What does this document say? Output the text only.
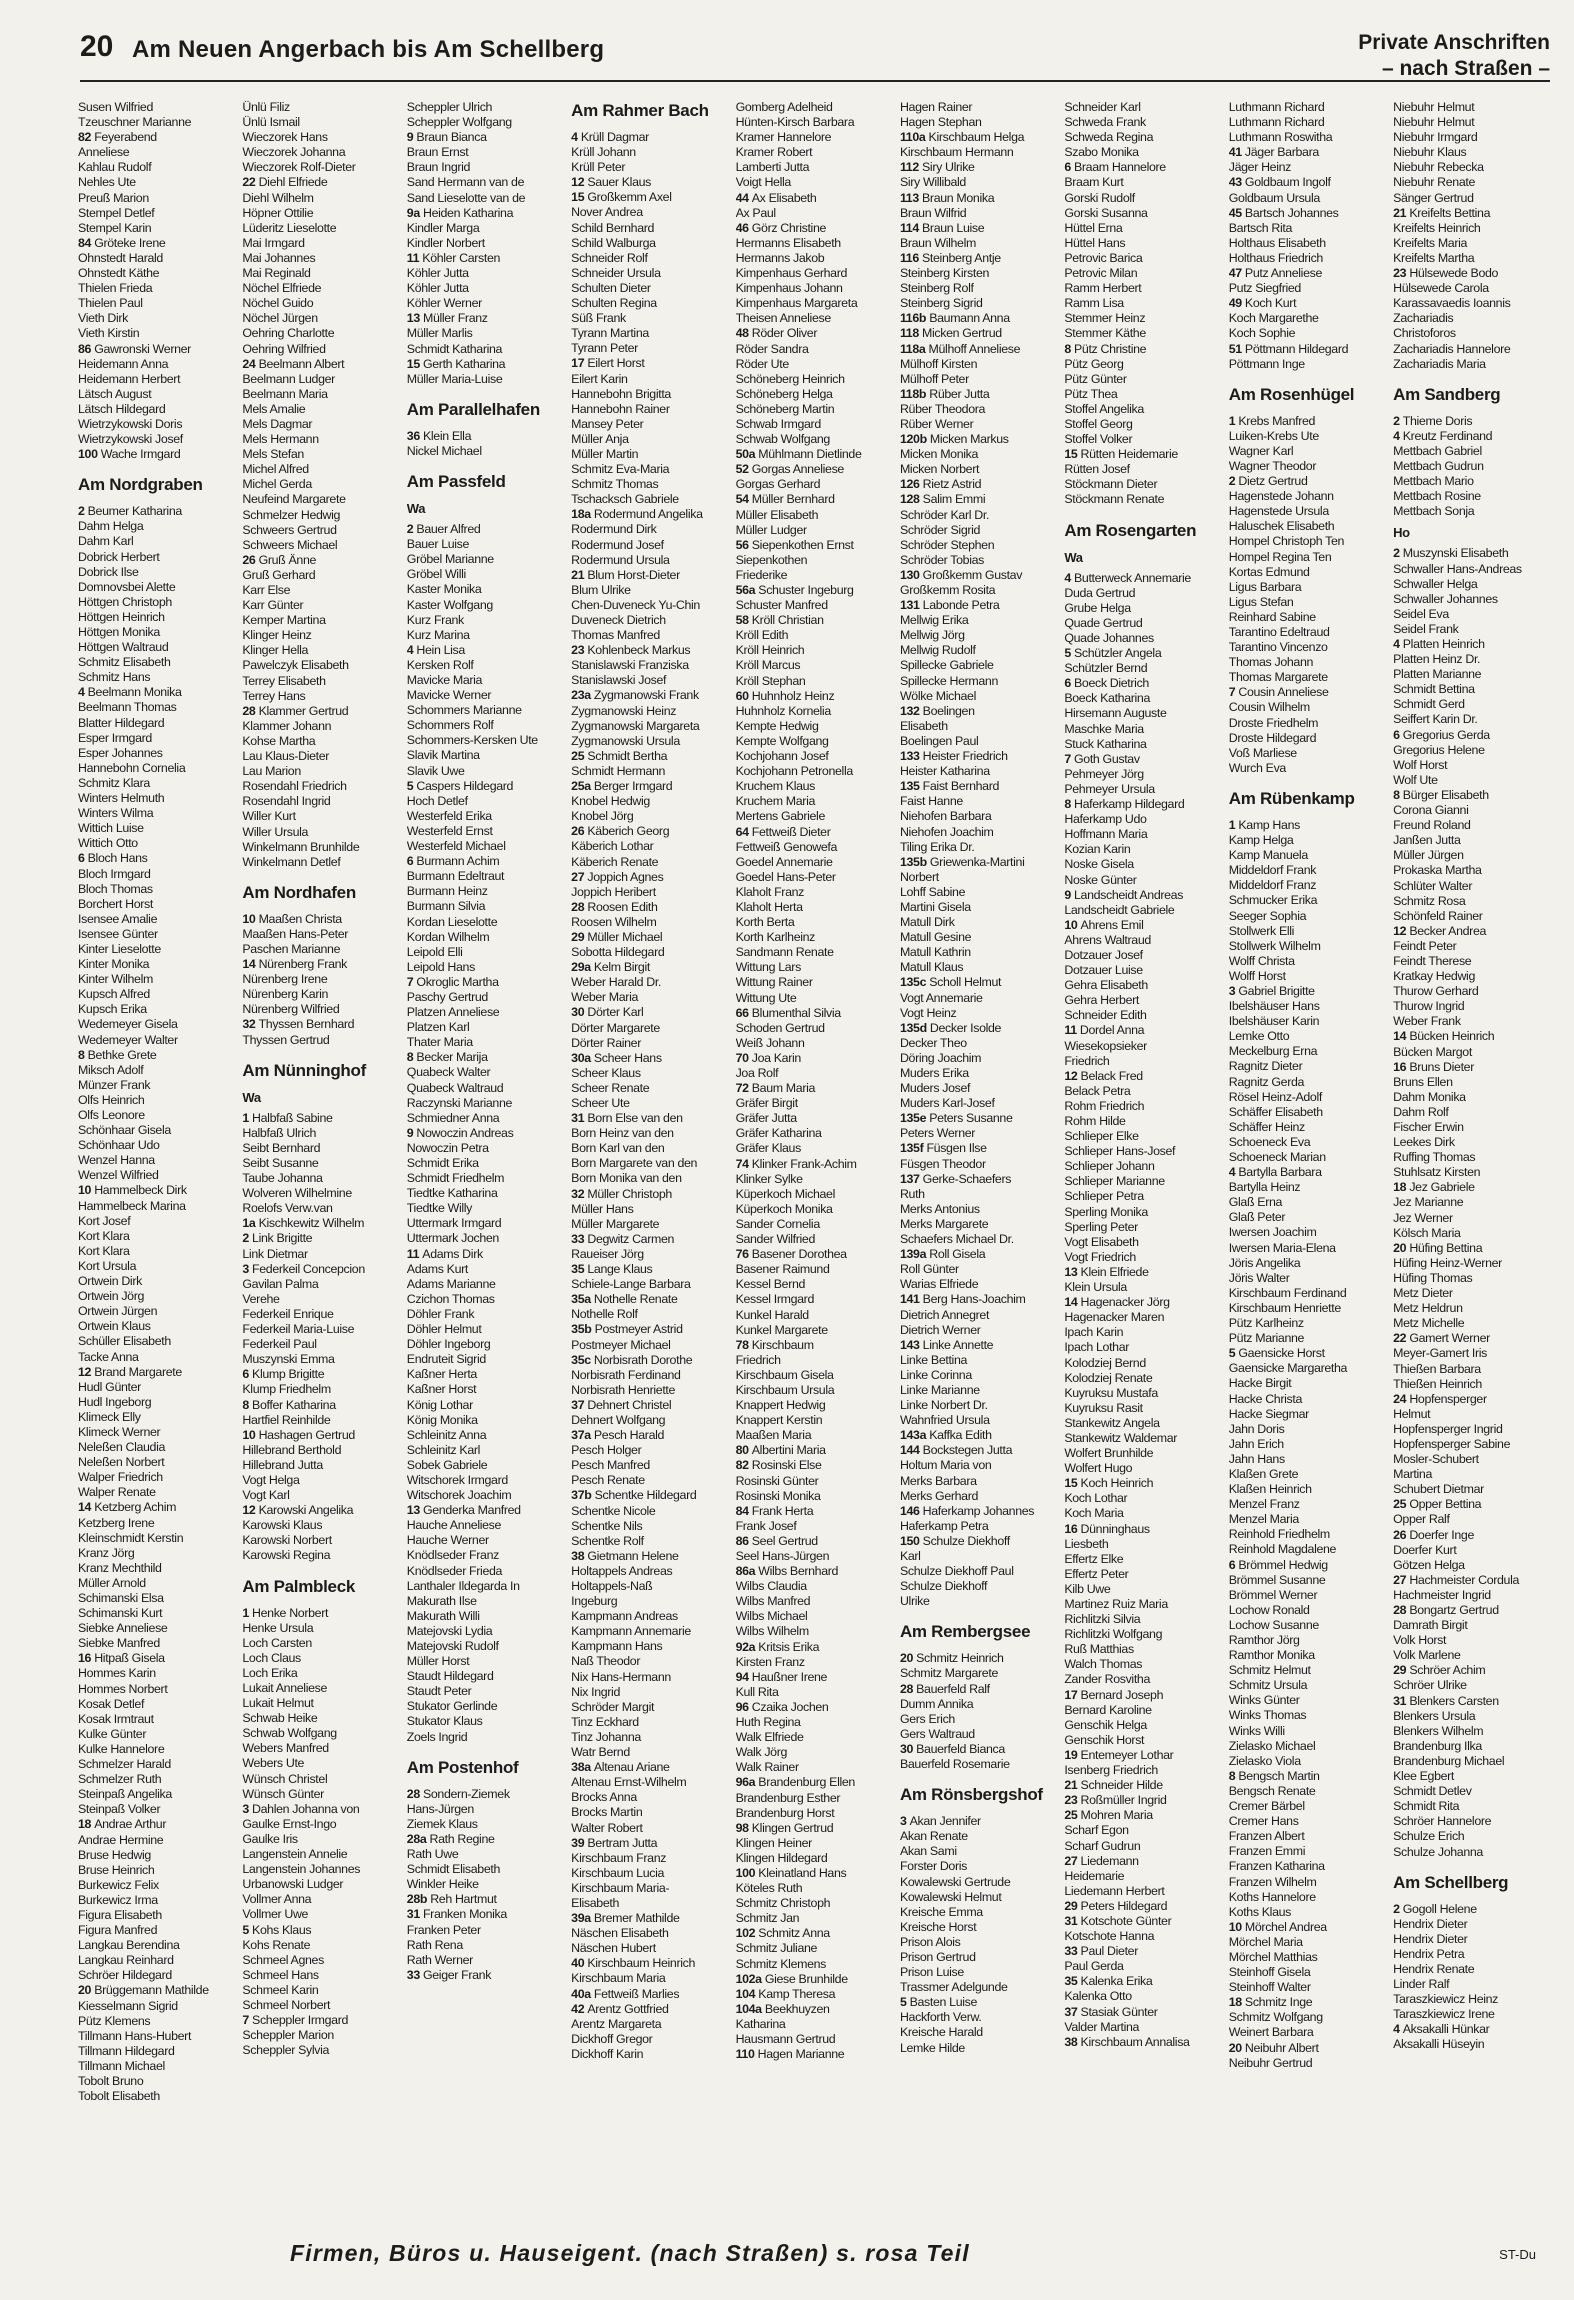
20 Am Neuen Angerbach bis Am Schellberg	Private Anschriften
– nach Straßen –
Susen Wilfried
Tzeuschner Marianne
82 Feyerabend
Anneliese
Kahlau Rudolf
Nehles Ute
Preuß Marion
Stempel Detlef
Stempel Karin
84 Gröteke Irene
Ohnstedt Harald
Ohnstedt Käthe
Thielen Frieda
Thielen Paul
Vieth Dirk
Vieth Kirstin
86 Gawronski Werner
Heidemann Anna
Heidemann Herbert
Lätsch August
Lätsch Hildegard
Wietrzykowski Doris
Wietrzykowski Josef
100 Wache Irmgard
Am Nordgraben
2 Beumer Katharina
Dahm Helga
Dahm Karl
Dobrick Herbert
Dobrick Ilse
Domnovsbei Alette
Höttgen Christoph
Höttgen Heinrich
Höttgen Monika
Höttgen Waltraud
Schmitz Elisabeth
Schmitz Hans
4 Beelmann Monika
Beelmann Thomas
Blatter Hildegard
Esper Irmgard
Esper Johannes
Hannebohn Cornelia
Schmitz Klara
Winters Helmuth
Winters Wilma
Wittich Luise
Wittich Otto
6 Bloch Hans
Bloch Irmgard
Bloch Thomas
Borchert Horst
Isensee Amalie
Isensee Günter
Kinter Lieselotte
Kinter Monika
Kinter Wilhelm
Kupsch Alfred
Kupsch Erika
Wedemeyer Gisela
Wedemeyer Walter
8 Bethke Grete
Miksch Adolf
Münzer Frank
Olfs Heinrich
Olfs Leonore
Schönhaar Gisela
Schönhaar Udo
Wenzel Hanna
Wenzel Wilfried
10 Hammelbeck Dirk
Hammelbeck Marina
Kort Josef
Kort Klara
Kort Klara
Kort Ursula
Ortwein Dirk
Ortwein Jörg
Ortwein Jürgen
Ortwein Klaus
Schüller Elisabeth
Tacke Anna
12 Brand Margarete
Hudl Günter
Hudl Ingeborg
Klimeck Elly
Klimeck Werner
Neleßen Claudia
Neleßen Norbert
Walper Friedrich
Walper Renate
14 Ketzberg Achim
Ketzberg Irene
Kleinschmidt Kerstin
Kranz Jörg
Kranz Mechthild
Müller Arnold
Schimanski Elsa
Schimanski Kurt
Siebke Anneliese
Siebke Manfred
16 Hitpaß Gisela
Hommes Karin
Hommes Norbert
Kosak Detlef
Kosak Irmtraut
Kulke Günter
Kulke Hannelore
Schmelzer Harald
Schmelzer Ruth
Steinpaß Angelika
Steinpaß Volker
18 Andrae Arthur
Andrae Hermine
Bruse Hedwig
Bruse Heinrich
Burkewicz Felix
Burkewicz Irma
Figura Elisabeth
Figura Manfred
Langkau Berendina
Langkau Reinhard
Schröer Hildegard
20 Brüggemann Mathilde
Kiesselmann Sigrid
Pütz Klemens
Tillmann Hans-Hubert
Tillmann Hildegard
Tillmann Michael
Tobolt Bruno
Tobolt Elisabeth
Ünlü Filiz
Ünlü Ismail
Wieczorek Hans
Wieczorek Johanna
Wieczorek Rolf-Dieter
22 Diehl Elfriede
Diehl Wilhelm
Höpner Ottilie
Lüderitz Lieselotte
Mai Irmgard
Mai Johannes
Mai Reginald
Nöchel Elfriede
Nöchel Guido
Nöchel Jürgen
Oehring Charlotte
Oehring Wilfried
24 Beelmann Albert
Beelmann Ludger
Beelmann Maria
Mels Amalie
Mels Dagmar
Mels Hermann
Mels Stefan
Michel Alfred
Michel Gerda
Neufeind Margarete
Schmelzer Hedwig
Schweers Gertrud
Schweers Michael
26 Gruß Änne
Gruß Gerhard
Karr Else
Karr Günter
Kemper Martina
Klinger Heinz
Klinger Hella
Pawelczyk Elisabeth
Terrey Elisabeth
Terrey Hans
28 Klammer Gertrud
Klammer Johann
Kohse Martha
Lau Klaus-Dieter
Lau Marion
Rosendahl Friedrich
Rosendahl Ingrid
Willer Kurt
Willer Ursula
Winkelmann Brunhilde
Winkelmann Detlef
Am Nordhafen
10 Maaßen Christa
Maaßen Hans-Peter
Paschen Marianne
14 Nürenberg Frank
Nürenberg Irene
Nürenberg Karin
Nürenberg Wilfried
32 Thyssen Bernhard
Thyssen Gertrud
Am Nünninghof
Wa
1 Halbfaß Sabine
Halbfaß Ulrich
Seibt Bernhard
Seibt Susanne
Taube Johanna
Wolveren Wilhelmine
Roelofs Verw.van
1a Kischkewitz Wilhelm
2 Link Brigitte
Link Dietmar
3 Federkeil Concepcion
Gavilan Palma
Verehe
Federkeil Enrique
Federkeil Maria-Luise
Federkeil Paul
Muszynski Emma
6 Klump Brigitte
Klump Friedhelm
8 Boffer Katharina
Hartfiel Reinhilde
10 Hashagen Gertrud
Hillebrand Berthold
Hillebrand Jutta
Vogt Helga
Vogt Karl
12 Karowski Angelika
Karowski Klaus
Karowski Norbert
Karowski Regina
Am Palmbleck
1 Henke Norbert
Henke Ursula
Loch Carsten
Loch Claus
Loch Erika
Lukait Anneliese
Lukait Helmut
Schwab Heike
Schwab Wolfgang
Webers Manfred
Webers Ute
Wünsch Christel
Wünsch Günter
3 Dahlen Johanna von
Gaulke Ernst-Ingo
Gaulke Iris
Langenstein Annelie
Langenstein Johannes
Urbanowski Ludger
Vollmer Anna
Vollmer Uwe
5 Kohs Klaus
Kohs Renate
Schmeel Agnes
Schmeel Hans
Schmeel Karin
Schmeel Norbert
7 Scheppler Irmgard
Scheppler Marion
Scheppler Sylvia
Scheppler Ulrich
Scheppler Wolfgang
9 Braun Bianca
Braun Ernst
Braun Ingrid
Sand Hermann van de
Sand Lieselotte van de
9a Heiden Katharina
Kindler Marga
Kindler Norbert
11 Köhler Carsten
Köhler Jutta
Köhler Jutta
Köhler Werner
13 Müller Franz
Müller Marlis
Schmidt Katharina
15 Gerth Katharina
Müller Maria-Luise
Am Parallelhafen
36 Klein Ella
Nickel Michael
Am Passfeld
Wa
2 Bauer Alfred
Bauer Luise
Gröbel Marianne
Gröbel Willi
Kaster Monika
Kaster Wolfgang
Kurz Frank
Kurz Marina
4 Hein Lisa
Kersken Rolf
Mavicke Maria
Mavicke Werner
Schommers Marianne
Schommers Rolf
Schommers-Kersken Ute
Slavik Martina
Slavik Uwe
5 Caspers Hildegard
Hoch Detlef
Westerfeld Erika
Westerfeld Ernst
Westerfeld Michael
6 Burmann Achim
Burmann Edeltraut
Burmann Heinz
Burmann Silvia
Kordan Lieselotte
Kordan Wilhelm
Leipold Elli
Leipold Hans
7 Okroglic Martha
Paschy Gertrud
Platzen Anneliese
Platzen Karl
Thater Maria
8 Becker Marija
Quabeck Walter
Quabeck Waltraud
Raczynski Marianne
Schmiedner Anna
9 Nowoczin Andreas
Nowoczin Petra
Schmidt Erika
Schmidt Friedhelm
Tiedtke Katharina
Tiedtke Willy
Uttermark Irmgard
Uttermark Jochen
11 Adams Dirk
Adams Kurt
Adams Marianne
Czichon Thomas
Döhler Frank
Döhler Helmut
Döhler Ingeborg
Endruteit Sigrid
Kaßner Herta
Kaßner Horst
König Lothar
König Monika
Schleinitz Anna
Schleinitz Karl
Sobek Gabriele
Witschorek Irmgard
Witschorek Joachim
13 Genderka Manfred
Hauche Anneliese
Hauche Werner
Knödlseder Franz
Knödlseder Frieda
Lanthaler Ildegarda In
Makurath Ilse
Makurath Willi
Matejovski Lydia
Matejovski Rudolf
Müller Horst
Staudt Hildegard
Staudt Peter
Stukator Gerlinde
Stukator Klaus
Zoels Ingrid
Am Postenhof
28 Sondern-Ziemek
Hans-Jürgen
Ziemek Klaus
28a Rath Regine
Rath Uwe
Schmidt Elisabeth
Winkler Heike
28b Reh Hartmut
31 Franken Monika
Franken Peter
Rath Rena
Rath Werner
33 Geiger Frank
Am Rahmer Bach
4 Krüll Dagmar
Krüll Johann
Krüll Peter
12 Sauer Klaus
15 Großkemm Axel
Nover Andrea
Schild Bernhard
Schild Walburga
Schneider Rolf
Schneider Ursula
Schulten Dieter
Schulten Regina
Süß Frank
Tyrann Martina
Tyrann Peter
17 Eilert Horst
Eilert Karin
Hannebohn Brigitta
Hannebohn Rainer
Mansey Peter
Müller Anja
Müller Martin
Schmitz Eva-Maria
Schmitz Thomas
Tschacksch Gabriele
18a Rodermund Angelika
Rodermund Dirk
Rodermund Josef
Rodermund Ursula
21 Blum Horst-Dieter
Blum Ulrike
Chen-Duveneck Yu-Chin
Duveneck Dietrich
Thomas Manfred
23 Kohlenbeck Markus
Stanislawski Franziska
Stanislawski Josef
23a Zygmanowski Frank
Zygmanowski Heinz
Zygmanowski Margareta
Zygmanowski Ursula
25 Schmidt Bertha
Schmidt Hermann
25a Berger Irmgard
Knobel Hedwig
Knobel Jörg
26 Käberich Georg
Käberich Lothar
Käberich Renate
27 Joppich Agnes
Joppich Heribert
28 Roosen Edith
Roosen Wilhelm
29 Müller Michael
Sobotta Hildegard
29a Kelm Birgit
Weber Harald Dr.
Weber Maria
30 Dörter Karl
Dörter Margarete
Dörter Rainer
30a Scheer Hans
Scheer Klaus
Scheer Renate
Scheer Ute
31 Born Else van den
Born Heinz van den
Born Karl van den
Born Margarete van den
Born Monika van den
32 Müller Christoph
Müller Hans
Müller Margarete
33 Degwitz Carmen
Raueiser Jörg
35 Lange Klaus
Schiele-Lange Barbara
35a Nothelle Renate
Nothelle Rolf
35b Postmeyer Astrid
Postmeyer Michael
35c Norbisrath Dorothe
Norbisrath Ferdinand
Norbisrath Henriette
37 Dehnert Christel
Dehnert Wolfgang
37a Pesch Harald
Pesch Holger
Pesch Manfred
Pesch Renate
37b Schentke Hildegard
Schentke Nicole
Schentke Nils
Schentke Rolf
38 Gietmann Helene
Holtappels Andreas
Holtappels-Naß
Ingeburg
Kampmann Andreas
Kampmann Annemarie
Kampmann Hans
Naß Theodor
Nix Hans-Hermann
Nix Ingrid
Schröder Margit
Tinz Eckhard
Tinz Johanna
Watr Bernd
38a Altenau Ariane
Altenau Ernst-Wilhelm
Brocks Anna
Brocks Martin
Walter Robert
39 Bertram Jutta
Kirschbaum Franz
Kirschbaum Lucia
Kirschbaum Maria-
Elisabeth
39a Bremer Mathilde
Näschen Elisabeth
Näschen Hubert
40 Kirschbaum Heinrich
Kirschbaum Maria
40a Fettweiß Marlies
42 Arentz Gottfried
Arentz Margareta
Dickhoff Gregor
Dickhoff Karin
Gomberg Adelheid
Hünten-Kirsch Barbara
Kramer Hannelore
Kramer Robert
Lamberti Jutta
Voigt Hella
44 Ax Elisabeth
Ax Paul
46 Görz Christine
Hermanns Elisabeth
Hermanns Jakob
Kimpenhaus Gerhard
Kimpenhaus Johann
Kimpenhaus Margareta
Theisen Anneliese
48 Röder Oliver
Röder Sandra
Röder Ute
Schöneberg Heinrich
Schöneberg Helga
Schöneberg Martin
Schwab Irmgard
Schwab Wolfgang
50a Mühlmann Dietlinde
52 Gorgas Anneliese
Gorgas Gerhard
54 Müller Bernhard
Müller Elisabeth
Müller Ludger
56 Siepenkothen Ernst
Siepenkothen
Friederike
56a Schuster Ingeburg
Schuster Manfred
58 Kröll Christian
Kröll Edith
Kröll Heinrich
Kröll Marcus
Kröll Stephan
60 Huhnholz Heinz
Huhnholz Kornelia
Kempte Hedwig
Kempte Wolfgang
Kochjohann Josef
Kochjohann Petronella
Kruchem Klaus
Kruchem Maria
Mertens Gabriele
64 Fettweiß Dieter
Fettweiß Genowefa
Goedel Annemarie
Goedel Hans-Peter
Klaholt Franz
Klaholt Herta
Korth Berta
Korth Karlheinz
Sandmann Renate
Wittung Lars
Wittung Rainer
Wittung Ute
66 Blumenthal Silvia
Schoden Gertrud
Weiß Johann
70 Joa Karin
Joa Rolf
72 Baum Maria
Gräfer Birgit
Gräfer Jutta
Gräfer Katharina
Gräfer Klaus
74 Klinker Frank-Achim
Klinker Sylke
Küperkoch Michael
Küperkoch Monika
Sander Cornelia
Sander Wilfried
76 Basener Dorothea
Basener Raimund
Kessel Bernd
Kessel Irmgard
Kunkel Harald
Kunkel Margarete
78 Kirschbaum
Friedrich
Kirschbaum Gisela
Kirschbaum Ursula
Knappert Hedwig
Knappert Kerstin
Maaßen Maria
80 Albertini Maria
82 Rosinski Else
Rosinski Günter
Rosinski Monika
84 Frank Herta
Frank Josef
86 Seel Gertrud
Seel Hans-Jürgen
86a Wilbs Bernhard
Wilbs Claudia
Wilbs Manfred
Wilbs Michael
Wilbs Wilhelm
92a Kritsis Erika
Kirsten Franz
94 Haußner Irene
Kull Rita
96 Czaika Jochen
Huth Regina
Walk Elfriede
Walk Jörg
Walk Rainer
96a Brandenburg Ellen
Brandenburg Esther
Brandenburg Horst
98 Klingen Gertrud
Klingen Heiner
Klingen Hildegard
100 Kleinatland Hans
Köteles Ruth
Schmitz Christoph
Schmitz Jan
102 Schmitz Anna
Schmitz Juliane
Schmitz Klemens
102a Giese Brunhilde
104 Kamp Theresa
104a Beekhuyzen
Katharina
Hausmann Gertrud
110 Hagen Marianne
Hagen Rainer
Hagen Stephan
110a Kirschbaum Helga
Kirschbaum Hermann
112 Siry Ulrike
Siry Willibald
113 Braun Monika
Braun Wilfrid
114 Braun Luise
Braun Wilhelm
116 Steinberg Antje
Steinberg Kirsten
Steinberg Rolf
Steinberg Sigrid
116b Baumann Anna
118 Micken Gertrud
118a Mülhoff Anneliese
Mülhoff Kirsten
Mülhoff Peter
118b Rüber Jutta
Rüber Theodora
Rüber Werner
120b Micken Markus
Micken Monika
Micken Norbert
126 Rietz Astrid
128 Salim Emmi
Schröder Karl Dr.
Schröder Sigrid
Schröder Stephen
Schröder Tobias
130 Großkemm Gustav
Großkemm Rosita
131 Labonde Petra
Mellwig Erika
Mellwig Jörg
Mellwig Rudolf
Spillecke Gabriele
Spillecke Hermann
Wölke Michael
132 Boelingen
Elisabeth
Boelingen Paul
133 Heister Friedrich
Heister Katharina
135 Faist Bernhard
Faist Hanne
Niehofen Barbara
Niehofen Joachim
Tiling Erika Dr.
135b Griewenka-Martini
Norbert
Lohff Sabine
Martini Gisela
Matull Dirk
Matull Gesine
Matull Kathrin
Matull Klaus
135c Scholl Helmut
Vogt Annemarie
Vogt Heinz
135d Decker Isolde
Decker Theo
Döring Joachim
Muders Erika
Muders Josef
Muders Karl-Josef
135e Peters Susanne
Peters Werner
135f Füsgen Ilse
Füsgen Theodor
137 Gerke-Schaefers
Ruth
Merks Antonius
Merks Margarete
Schaefers Michael Dr.
139a Roll Gisela
Roll Günter
Warias Elfriede
141 Berg Hans-Joachim
Dietrich Annegret
Dietrich Werner
143 Linke Annette
Linke Bettina
Linke Corinna
Linke Marianne
Linke Norbert Dr.
Wahnfried Ursula
143a Kaffka Edith
144 Bockstegen Jutta
Holtum Maria von
Merks Barbara
Merks Gerhard
146 Haferkamp Johannes
Haferkamp Petra
150 Schulze Diekhoff
Karl
Schulze Diekhoff Paul
Schulze Diekhoff
Ulrike
Am Rembergsee
20 Schmitz Heinrich
Schmitz Margarete
28 Bauerfeld Ralf
Dumm Annika
Gers Erich
Gers Waltraud
30 Bauerfeld Bianca
Bauerfeld Rosemarie
Am Rönsbergshof
3 Akan Jennifer
Akan Renate
Akan Sami
Forster Doris
Kowalewski Gertrude
Kowalewski Helmut
Kreische Emma
Kreische Horst
Prison Alois
Prison Gertrud
Prison Luise
Trassmer Adelgunde
5 Basten Luise
Hackforth Verw.
Kreische Harald
Lemke Hilde
Schneider Karl
Schweda Frank
Schweda Regina
Szabo Monika
6 Braam Hannelore
Braam Kurt
Gorski Rudolf
Gorski Susanna
Hüttel Erna
Hüttel Hans
Petrovic Barica
Petrovic Milan
Ramm Herbert
Ramm Lisa
Stemmer Heinz
Stemmer Käthe
8 Pütz Christine
Pütz Georg
Pütz Günter
Pütz Thea
Stoffel Angelika
Stoffel Georg
Stoffel Volker
15 Rütten Heidemarie
Rütten Josef
Stöckmann Dieter
Stöckmann Renate
Am Rosengarten
Wa
4 Butterweck Annemarie
Duda Gertrud
Grube Helga
Quade Gertrud
Quade Johannes
5 Schützler Angela
Schützler Bernd
6 Boeck Dietrich
Boeck Katharina
Hirsemann Auguste
Maschke Maria
Stuck Katharina
7 Goth Gustav
Pehmeyer Jörg
Pehmeyer Ursula
8 Haferkamp Hildegard
Haferkamp Udo
Hoffmann Maria
Kozian Karin
Noske Gisela
Noske Günter
9 Landscheidt Andreas
Landscheidt Gabriele
10 Ahrens Emil
Ahrens Waltraud
Dotzauer Josef
Dotzauer Luise
Gehra Elisabeth
Gehra Herbert
Schneider Edith
11 Dordel Anna
Wiesekopsieker
Friedrich
12 Belack Fred
Belack Petra
Rohm Friedrich
Rohm Hilde
Schlieper Elke
Schlieper Hans-Josef
Schlieper Johann
Schlieper Marianne
Schlieper Petra
Sperling Monika
Sperling Peter
Vogt Elisabeth
Vogt Friedrich
13 Klein Elfriede
Klein Ursula
14 Hagenacker Jörg
Hagenacker Maren
Ipach Karin
Ipach Lothar
Kolodziej Bernd
Kolodziej Renate
Kuyruksu Mustafa
Kuyruksu Rasit
Stankewitz Angela
Stankewitz Waldemar
Wolfert Brunhilde
Wolfert Hugo
15 Koch Heinrich
Koch Lothar
Koch Maria
16 Dünninghaus
Liesbeth
Effertz Elke
Effertz Peter
Kilb Uwe
Martinez Ruiz Maria
Richlitzki Silvia
Richlitzki Wolfgang
Ruß Matthias
Walch Thomas
Zander Rosvitha
17 Bernard Joseph
Bernard Karoline
Genschik Helga
Genschik Horst
19 Entemeyer Lothar
Isenberg Friedrich
21 Schneider Hilde
23 Roßmüller Ingrid
25 Mohren Maria
Scharf Egon
Scharf Gudrun
27 Liedemann
Heidemarie
Liedemann Herbert
29 Peters Hildegard
31 Kotschote Günter
Kotschote Hanna
33 Paul Dieter
Paul Gerda
35 Kalenka Erika
Kalenka Otto
37 Stasiak Günter
Valder Martina
38 Kirschbaum Annalisa
Luthmann Richard
Luthmann Richard
Luthmann Roswitha
41 Jäger Barbara
Jäger Heinz
43 Goldbaum Ingolf
Goldbaum Ursula
45 Bartsch Johannes
Bartsch Rita
Holthaus Elisabeth
Holthaus Friedrich
47 Putz Anneliese
Putz Siegfried
49 Koch Kurt
Koch Margarethe
Koch Sophie
51 Pöttmann Hildegard
Pöttmann Inge
Am Rosenhügel
1 Krebs Manfred
Luiken-Krebs Ute
Wagner Karl
Wagner Theodor
2 Dietz Gertrud
Hagenstede Johann
Hagenstede Ursula
Haluschek Elisabeth
Hompel Christoph Ten
Hompel Regina Ten
Kortas Edmund
Ligus Barbara
Ligus Stefan
Reinhard Sabine
Tarantino Edeltraud
Tarantino Vincenzo
Thomas Johann
Thomas Margarete
7 Cousin Anneliese
Cousin Wilhelm
Droste Friedhelm
Droste Hildegard
Voß Marliese
Wurch Eva
Am Rübenkamp
1 Kamp Hans
Kamp Helga
Kamp Manuela
Middeldorf Frank
Middeldorf Franz
Schmucker Erika
Seeger Sophia
Stollwerk Elli
Stollwerk Wilhelm
Wolff Christa
Wolff Horst
3 Gabriel Brigitte
Ibelshäuser Hans
Ibelshäuser Karin
Lemke Otto
Meckelburg Erna
Ragnitz Dieter
Ragnitz Gerda
Rösel Heinz-Adolf
Schäffer Elisabeth
Schäffer Heinz
Schoeneck Eva
Schoeneck Marian
4 Bartylla Barbara
Bartylla Heinz
Glaß Erna
Glaß Peter
Iwersen Joachim
Iwersen Maria-Elena
Jöris Angelika
Jöris Walter
Kirschbaum Ferdinand
Kirschbaum Henriette
Pütz Karlheinz
Pütz Marianne
5 Gaensicke Horst
Gaensicke Margaretha
Hacke Birgit
Hacke Christa
Hacke Siegmar
Jahn Doris
Jahn Erich
Jahn Hans
Klaßen Grete
Klaßen Heinrich
Menzel Franz
Menzel Maria
Reinhold Friedhelm
Reinhold Magdalene
6 Brömmel Hedwig
Brömmel Susanne
Brömmel Werner
Lochow Ronald
Lochow Susanne
Ramthor Jörg
Ramthor Monika
Schmitz Helmut
Schmitz Ursula
Winks Günter
Winks Thomas
Winks Willi
Zielasko Michael
Zielasko Viola
8 Bengsch Martin
Bengsch Renate
Cremer Bärbel
Cremer Hans
Franzen Albert
Franzen Emmi
Franzen Katharina
Franzen Wilhelm
Koths Hannelore
Koths Klaus
10 Mörchel Andrea
Mörchel Maria
Mörchel Matthias
Steinhoff Gisela
Steinhoff Walter
18 Schmitz Inge
Schmitz Wolfgang
Weinert Barbara
20 Neibuhr Albert
Neibuhr Gertrud
Niebuhr Helmut
Niebuhr Helmut
Niebuhr Irmgard
Niebuhr Klaus
Niebuhr Rebecka
Niebuhr Renate
Sänger Gertrud
21 Kreifelts Bettina
Kreifelts Heinrich
Kreifelts Maria
Kreifelts Martha
23 Hülsewede Bodo
Hülsewede Carola
Karassavaedis Ioannis
Zachariadis
Christoforos
Zachariadis Hannelore
Zachariadis Maria
Am Sandberg
2 Thieme Doris
4 Kreutz Ferdinand
Mettbach Gabriel
Mettbach Gudrun
Mettbach Mario
Mettbach Rosine
Mettbach Sonja
Ho
2 Muszynski Elisabeth
Schwaller Hans-Andreas
Schwaller Helga
Schwaller Johannes
Seidel Eva
Seidel Frank
4 Platten Heinrich
Platten Heinz Dr.
Platten Marianne
Schmidt Bettina
Schmidt Gerd
Seiffert Karin Dr.
6 Gregorius Gerda
Gregorius Helene
Wolf Horst
Wolf Ute
8 Bürger Elisabeth
Corona Gianni
Freund Roland
Janßen Jutta
Müller Jürgen
Prokaska Martha
Schlüter Walter
Schmitz Rosa
Schönfeld Rainer
12 Becker Andrea
Feindt Peter
Feindt Therese
Kratkay Hedwig
Thurow Gerhard
Thurow Ingrid
Weber Frank
14 Bücken Heinrich
Bücken Margot
16 Bruns Dieter
Bruns Ellen
Dahm Monika
Dahm Rolf
Fischer Erwin
Leekes Dirk
Ruffing Thomas
Stuhlsatz Kirsten
18 Jez Gabriele
Jez Marianne
Jez Werner
Kölsch Maria
20 Hüfing Bettina
Hüfing Heinz-Werner
Hüfing Thomas
Metz Dieter
Metz Heldrun
Metz Michelle
22 Gamert Werner
Meyer-Gamert Iris
Thießen Barbara
Thießen Heinrich
24 Hopfensperger
Helmut
Hopfensperger Ingrid
Hopfensperger Sabine
Mosler-Schubert
Martina
Schubert Dietmar
25 Opper Bettina
Opper Ralf
26 Doerfer Inge
Doerfer Kurt
Götzen Helga
27 Hachmeister Cordula
Hachmeister Ingrid
28 Bongartz Gertrud
Damrath Birgit
Volk Horst
Volk Marlene
29 Schröer Achim
Schröer Ulrike
31 Blenkers Carsten
Blenkers Ursula
Blenkers Wilhelm
Brandenburg Ilka
Brandenburg Michael
Klee Egbert
Schmidt Detlev
Schmidt Rita
Schröer Hannelore
Schulze Erich
Schulze Johanna
Am Schellberg
2 Gogoll Helene
Hendrix Dieter
Hendrix Dieter
Hendrix Petra
Hendrix Renate
Linder Ralf
Taraszkiewicz Heinz
Taraszkiewicz Irene
4 Aksakalli Hünkar
Aksakalli Hüseyin
Firmen, Büros u. Hauseigent. (nach Straßen) s. rosa Teil	ST-Du
